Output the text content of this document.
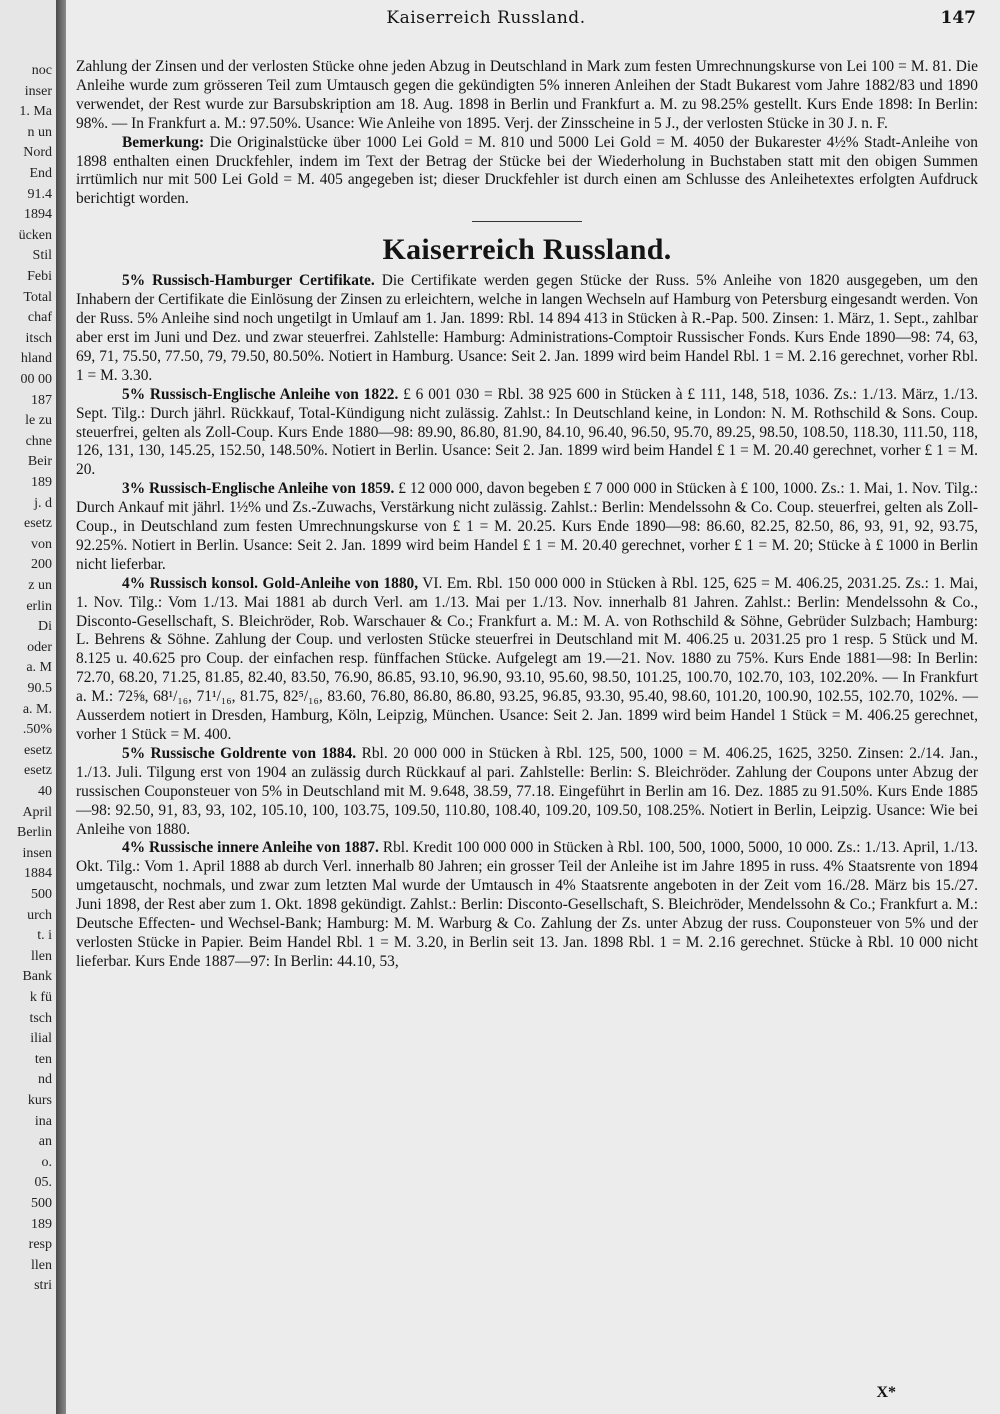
noc
inser
1. Ma
n un
Nord
End
91.4
1894
ücken
Stil
Febi
Total
chaf
itsch
hland
00 00
187
le zu
chne
Beir
189
j. d
esetz
von
200
z un
erlin
Di
oder
a. M
90.5
a. M.
.50%
esetz
esetz
40
April
Berlin
insen
1884
500
urch
t. i
llen
Bank
k fü
tsch
ilial
ten
nd
kurs
ina
an
o.
05.
500
189
resp
llen
stri
Kaiserreich Russland.	147

Zahlung der Zinsen und der verlosten Stücke ohne jeden Abzug in Deutschland in Mark zum festen Umrechnungskurse von Lei 100 = M. 81. Die Anleihe wurde zum grösseren Teil zum Umtausch gegen die gekündigten 5% inneren Anleihen der Stadt Bukarest vom Jahre 1882/83 und 1890 verwendet, der Rest wurde zur Barsubskription am 18. Aug. 1898 in Berlin und Frankfurt a. M. zu 98.25% gestellt. Kurs Ende 1898: In Berlin: 98%. — In Frankfurt a. M.: 97.50%. Usance: Wie Anleihe von 1895. Verj. der Zinsscheine in 5 J., der verlosten Stücke in 30 J. n. F.

Bemerkung: Die Originalstücke über 1000 Lei Gold = M. 810 und 5000 Lei Gold = M. 4050 der Bukarester 4½% Stadt-Anleihe von 1898 enthalten einen Druckfehler, indem im Text der Betrag der Stücke bei der Wiederholung in Buchstaben statt mit den obigen Summen irrtümlich nur mit 500 Lei Gold = M. 405 angegeben ist; dieser Druckfehler ist durch einen am Schlusse des Anleihetextes erfolgten Aufdruck berichtigt worden.

Kaiserreich Russland.

5% Russisch-Hamburger Certifikate. Die Certifikate werden gegen Stücke der Russ. 5% Anleihe von 1820 ausgegeben, um den Inhabern der Certifikate die Einlösung der Zinsen zu erleichtern, welche in langen Wechseln auf Hamburg von Petersburg eingesandt werden. Von der Russ. 5% Anleihe sind noch ungetilgt in Umlauf am 1. Jan. 1899: Rbl. 14 894 413 in Stücken à R.-Pap. 500. Zinsen: 1. März, 1. Sept., zahlbar aber erst im Juni und Dez. und zwar steuerfrei. Zahlstelle: Hamburg: Administrations-Comptoir Russischer Fonds. Kurs Ende 1890—98: 74, 63, 69, 71, 75.50, 77.50, 79, 79.50, 80.50%. Notiert in Hamburg. Usance: Seit 2. Jan. 1899 wird beim Handel Rbl. 1 = M. 2.16 gerechnet, vorher Rbl. 1 = M. 3.30.

5% Russisch-Englische Anleihe von 1822. £ 6 001 030 = Rbl. 38 925 600 in Stücken à £ 111, 148, 518, 1036. Zs.: 1./13. März, 1./13. Sept. Tilg.: Durch jährl. Rückkauf, Total-Kündigung nicht zulässig. Zahlst.: In Deutschland keine, in London: N. M. Rothschild & Sons. Coup. steuerfrei, gelten als Zoll-Coup. Kurs Ende 1880—98: 89.90, 86.80, 81.90, 84.10, 96.40, 96.50, 95.70, 89.25, 98.50, 108.50, 118.30, 111.50, 118, 126, 131, 130, 145.25, 152.50, 148.50%. Notiert in Berlin. Usance: Seit 2. Jan. 1899 wird beim Handel £ 1 = M. 20.40 gerechnet, vorher £ 1 = M. 20.

3% Russisch-Englische Anleihe von 1859. £ 12 000 000, davon begeben £ 7 000 000 in Stücken à £ 100, 1000. Zs.: 1. Mai, 1. Nov. Tilg.: Durch Ankauf mit jährl. 1½% und Zs.-Zuwachs, Verstärkung nicht zulässig. Zahlst.: Berlin: Mendelssohn & Co. Coup. steuerfrei, gelten als Zoll-Coup., in Deutschland zum festen Umrechnungskurse von £ 1 = M. 20.25. Kurs Ende 1890—98: 86.60, 82.25, 82.50, 86, 93, 91, 92, 93.75, 92.25%. Notiert in Berlin. Usance: Seit 2. Jan. 1899 wird beim Handel £ 1 = M. 20.40 gerechnet, vorher £ 1 = M. 20; Stücke à £ 1000 in Berlin nicht lieferbar.

4% Russisch konsol. Gold-Anleihe von 1880, VI. Em. Rbl. 150 000 000 in Stücken à Rbl. 125, 625 = M. 406.25, 2031.25. Zs.: 1. Mai, 1. Nov. Tilg.: Vom 1./13. Mai 1881 ab durch Verl. am 1./13. Mai per 1./13. Nov. innerhalb 81 Jahren. Zahlst.: Berlin: Mendelssohn & Co., Disconto-Gesellschaft, S. Bleichröder, Rob. Warschauer & Co.; Frankfurt a. M.: M. A. von Rothschild & Söhne, Gebrüder Sulzbach; Hamburg: L. Behrens & Söhne. Zahlung der Coup. und verlosten Stücke steuerfrei in Deutschland mit M. 406.25 u. 2031.25 pro 1 resp. 5 Stück und M. 8.125 u. 40.625 pro Coup. der einfachen resp. fünffachen Stücke. Aufgelegt am 19.—21. Nov. 1880 zu 75%. Kurs Ende 1881—98: In Berlin: 72.70, 68.20, 71.25, 81.85, 82.40, 83.50, 76.90, 86.85, 93.10, 96.90, 93.10, 95.60, 98.50, 101.25, 100.70, 102.70, 103, 102.20%. — In Frankfurt a. M.: 72⅝, 68¹/₁₆, 71¹/₁₆, 81.75, 82⁵/₁₆, 83.60, 76.80, 86.80, 86.80, 93.25, 96.85, 93.30, 95.40, 98.60, 101.20, 100.90, 102.55, 102.70, 102%. — Ausserdem notiert in Dresden, Hamburg, Köln, Leipzig, München. Usance: Seit 2. Jan. 1899 wird beim Handel 1 Stück = M. 406.25 gerechnet, vorher 1 Stück = M. 400.

5% Russische Goldrente von 1884. Rbl. 20 000 000 in Stücken à Rbl. 125, 500, 1000 = M. 406.25, 1625, 3250. Zinsen: 2./14. Jan., 1./13. Juli. Tilgung erst von 1904 an zulässig durch Rückkauf al pari. Zahlstelle: Berlin: S. Bleichröder. Zahlung der Coupons unter Abzug der russischen Couponsteuer von 5% in Deutschland mit M. 9.648, 38.59, 77.18. Eingeführt in Berlin am 16. Dez. 1885 zu 91.50%. Kurs Ende 1885—98: 92.50, 91, 83, 93, 102, 105.10, 100, 103.75, 109.50, 110.80, 108.40, 109.20, 109.50, 108.25%. Notiert in Berlin, Leipzig. Usance: Wie bei Anleihe von 1880.

4% Russische innere Anleihe von 1887. Rbl. Kredit 100 000 000 in Stücken à Rbl. 100, 500, 1000, 5000, 10 000. Zs.: 1./13. April, 1./13. Okt. Tilg.: Vom 1. April 1888 ab durch Verl. innerhalb 80 Jahren; ein grosser Teil der Anleihe ist im Jahre 1895 in russ. 4% Staatsrente von 1894 umgetauscht, nochmals, und zwar zum letzten Mal wurde der Umtausch in 4% Staatsrente angeboten in der Zeit vom 16./28. März bis 15./27. Juni 1898, der Rest aber zum 1. Okt. 1898 gekündigt. Zahlst.: Berlin: Disconto-Gesellschaft, S. Bleichröder, Mendelssohn & Co.; Frankfurt a. M.: Deutsche Effecten- und Wechsel-Bank; Hamburg: M. M. Warburg & Co. Zahlung der Zs. unter Abzug der russ. Couponsteuer von 5% und der verlosten Stücke in Papier. Beim Handel Rbl. 1 = M. 3.20, in Berlin seit 13. Jan. 1898 Rbl. 1 = M. 2.16 gerechnet. Stücke à Rbl. 10 000 nicht lieferbar. Kurs Ende 1887—97: In Berlin: 44.10, 53,

X*
